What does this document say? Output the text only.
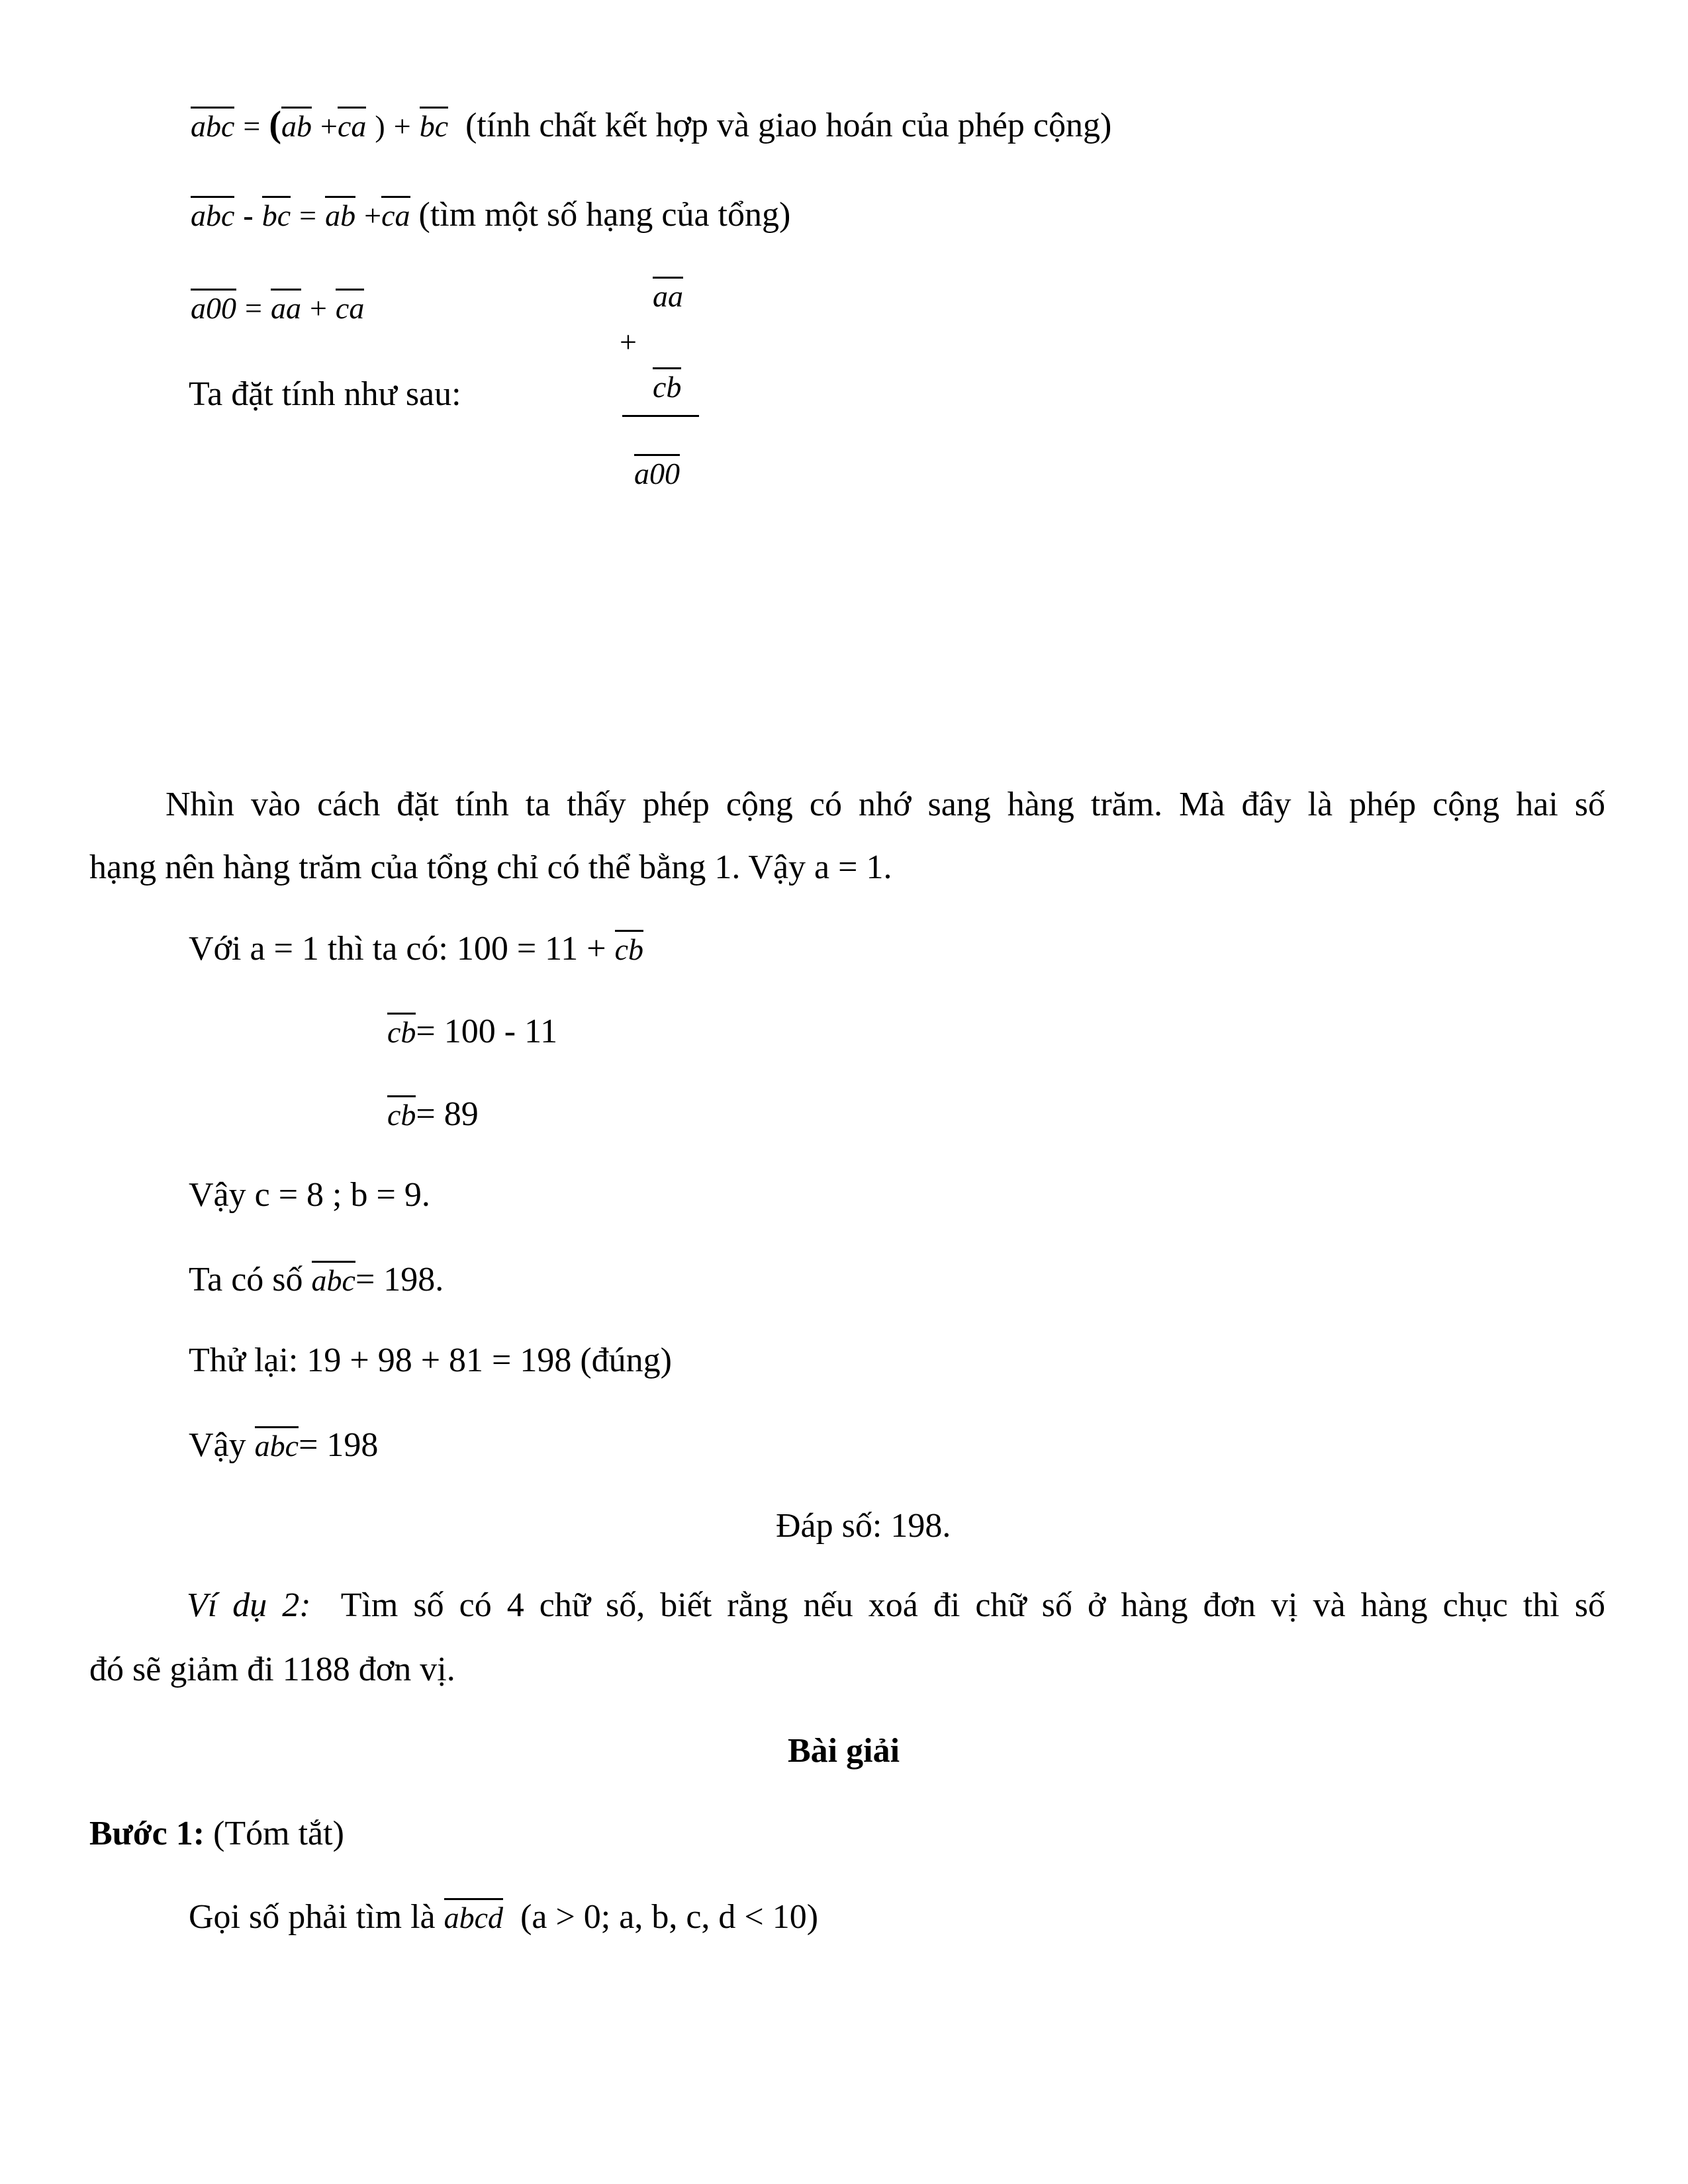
abc = (ab +ca ) + bc (tính chất kết hợp và giao hoán của phép cộng)
abc - bc = ab +ca (tìm một số hạng của tổng)
a00 = aa + ca
Ta đặt tính như sau:
aa
+
cb
a00
Nhìn vào cách đặt tính ta thấy phép cộng có nhớ sang hàng trăm. Mà đây là phép cộng hai số
hạng nên hàng trăm của tổng chỉ có thể bằng 1. Vậy a = 1.
Với a = 1 thì ta có: 100 = 11 + cb
cb= 100 - 11
cb= 89
Vậy c = 8 ; b = 9.
Ta có số abc= 198.
Thử lại: 19 + 98 + 81 = 198 (đúng)
Vậy abc= 198
Đáp số: 198.
Ví dụ 2: Tìm số có 4 chữ số, biết rằng nếu xoá đi chữ số ở hàng đơn vị và hàng chục thì số
đó sẽ giảm đi 1188 đơn vị.
Bài giải
Bước 1: (Tóm tắt)
Gọi số phải tìm là abcd (a > 0; a, b, c, d < 10)
